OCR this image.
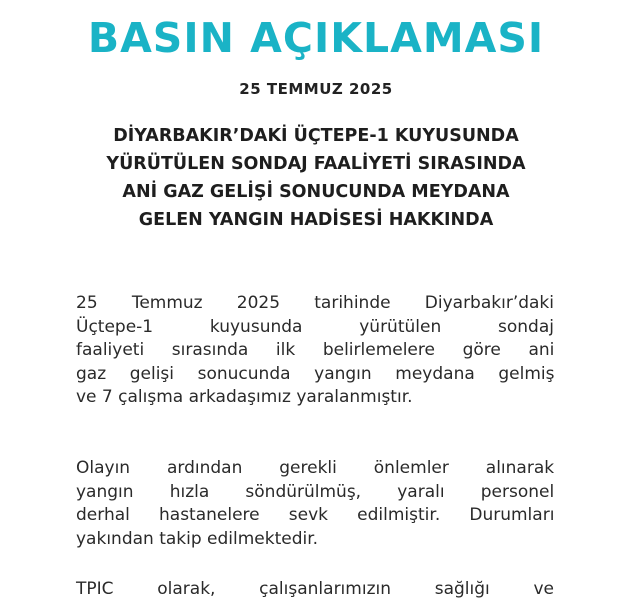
BASIN AÇIKLAMASI
25 TEMMUZ 2025
DİYARBAKIR’DAKİ ÜÇTEPE-1 KUYUSUNDA
YÜRÜTÜLEN SONDAJ FAALİYETİ SIRASINDA
ANİ GAZ GELİŞİ SONUCUNDA MEYDANA
GELEN YANGIN HADİSESİ HAKKINDA
25 Temmuz 2025 tarihinde Diyarbakır’daki
Üçtepe-1 kuyusunda yürütülen sondaj
faaliyeti sırasında ilk belirlemelere göre ani
gaz gelişi sonucunda yangın meydana gelmiş
ve 7 çalışma arkadaşımız yaralanmıştır.
Olayın ardından gerekli önlemler alınarak
yangın hızla söndürülmüş, yaralı personel
derhal hastanelere sevk edilmiştir. Durumları
yakından takip edilmektedir.
TPIC olarak, çalışanlarımızın sağlığı ve
